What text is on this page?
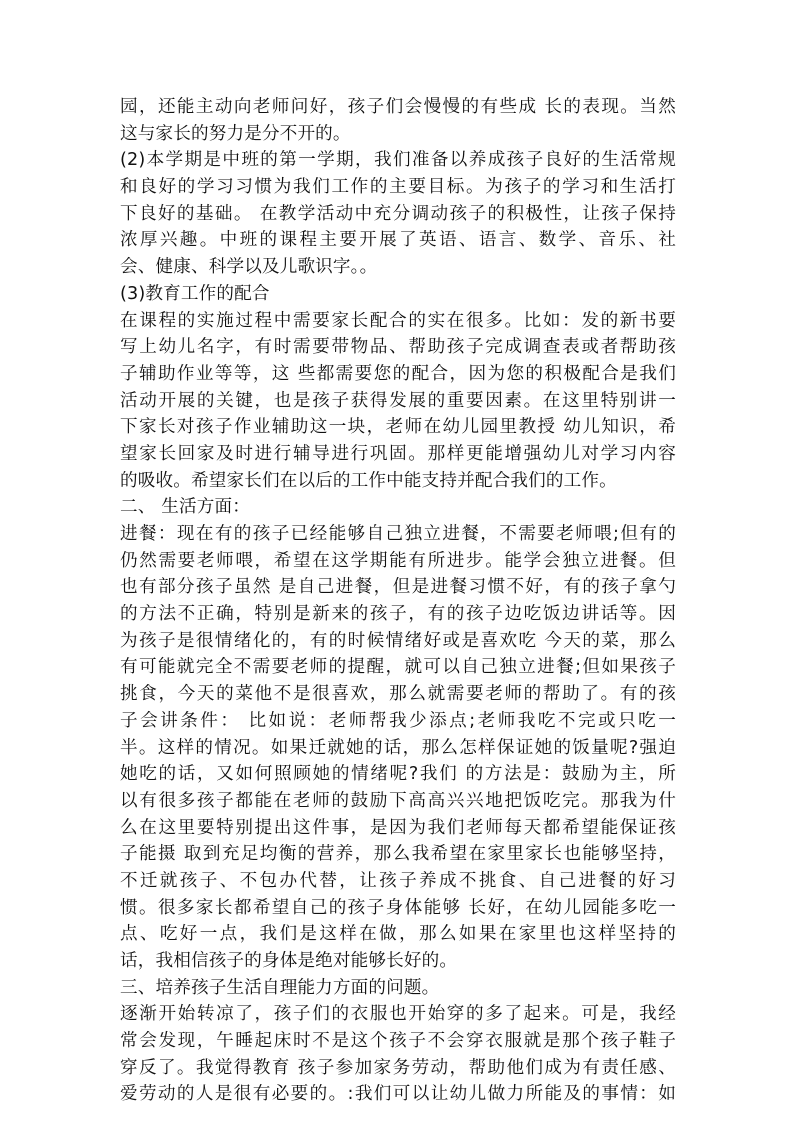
园，还能主动向老师问好，孩子们会慢慢的有些成 长的表现。当然
这与家长的努力是分不开的。
(2)本学期是中班的第一学期，我们准备以养成孩子良好的生活常规
和良好的学习习惯为我们工作的主要目标。为孩子的学习和生活打
下良好的基础。 在教学活动中充分调动孩子的积极性，让孩子保持
浓厚兴趣。中班的课程主要开展了英语、语言、数学、音乐、社
会、健康、科学以及儿歌识字。。
(3)教育工作的配合
在课程的实施过程中需要家长配合的实在很多。比如：发的新书要
写上幼儿名字，有时需要带物品、帮助孩子完成调查表或者帮助孩
子辅助作业等等，这 些都需要您的配合，因为您的积极配合是我们
活动开展的关键，也是孩子获得发展的重要因素。在这里特别讲一
下家长对孩子作业辅助这一块，老师在幼儿园里教授 幼儿知识，希
望家长回家及时进行辅导进行巩固。那样更能增强幼儿对学习内容
的吸收。希望家长们在以后的工作中能支持并配合我们的工作。
二、 生活方面：
进餐：现在有的孩子已经能够自己独立进餐，不需要老师喂;但有的
仍然需要老师喂，希望在这学期能有所进步。能学会独立进餐。但
也有部分孩子虽然 是自己进餐，但是进餐习惯不好，有的孩子拿勺
的方法不正确，特别是新来的孩子，有的孩子边吃饭边讲话等。因
为孩子是很情绪化的，有的时候情绪好或是喜欢吃 今天的菜，那么
有可能就完全不需要老师的提醒，就可以自己独立进餐;但如果孩子
挑食，今天的菜他不是很喜欢，那么就需要老师的帮助了。有的孩
子会讲条件： 比如说：老师帮我少添点;老师我吃不完或只吃一
半。这样的情况。如果迁就她的话，那么怎样保证她的饭量呢?强迫
她吃的话，又如何照顾她的情绪呢?我们 的方法是：鼓励为主，所
以有很多孩子都能在老师的鼓励下高高兴兴地把饭吃完。那我为什
么在这里要特别提出这件事，是因为我们老师每天都希望能保证孩
子能摄 取到充足均衡的营养，那么我希望在家里家长也能够坚持，
不迁就孩子、不包办代替，让孩子养成不挑食、自己进餐的好习
惯。很多家长都希望自己的孩子身体能够 长好，在幼儿园能多吃一
点、吃好一点，我们是这样在做，那么如果在家里也这样坚持的
话，我相信孩子的身体是绝对能够长好的。
三、培养孩子生活自理能力方面的问题。
逐渐开始转凉了，孩子们的衣服也开始穿的多了起来。可是，我经
常会发现，午睡起床时不是这个孩子不会穿衣服就是那个孩子鞋子
穿反了。我觉得教育 孩子参加家务劳动，帮助他们成为有责任感、
爱劳动的人是很有必要的。:我们可以让幼儿做力所能及的事情：如
